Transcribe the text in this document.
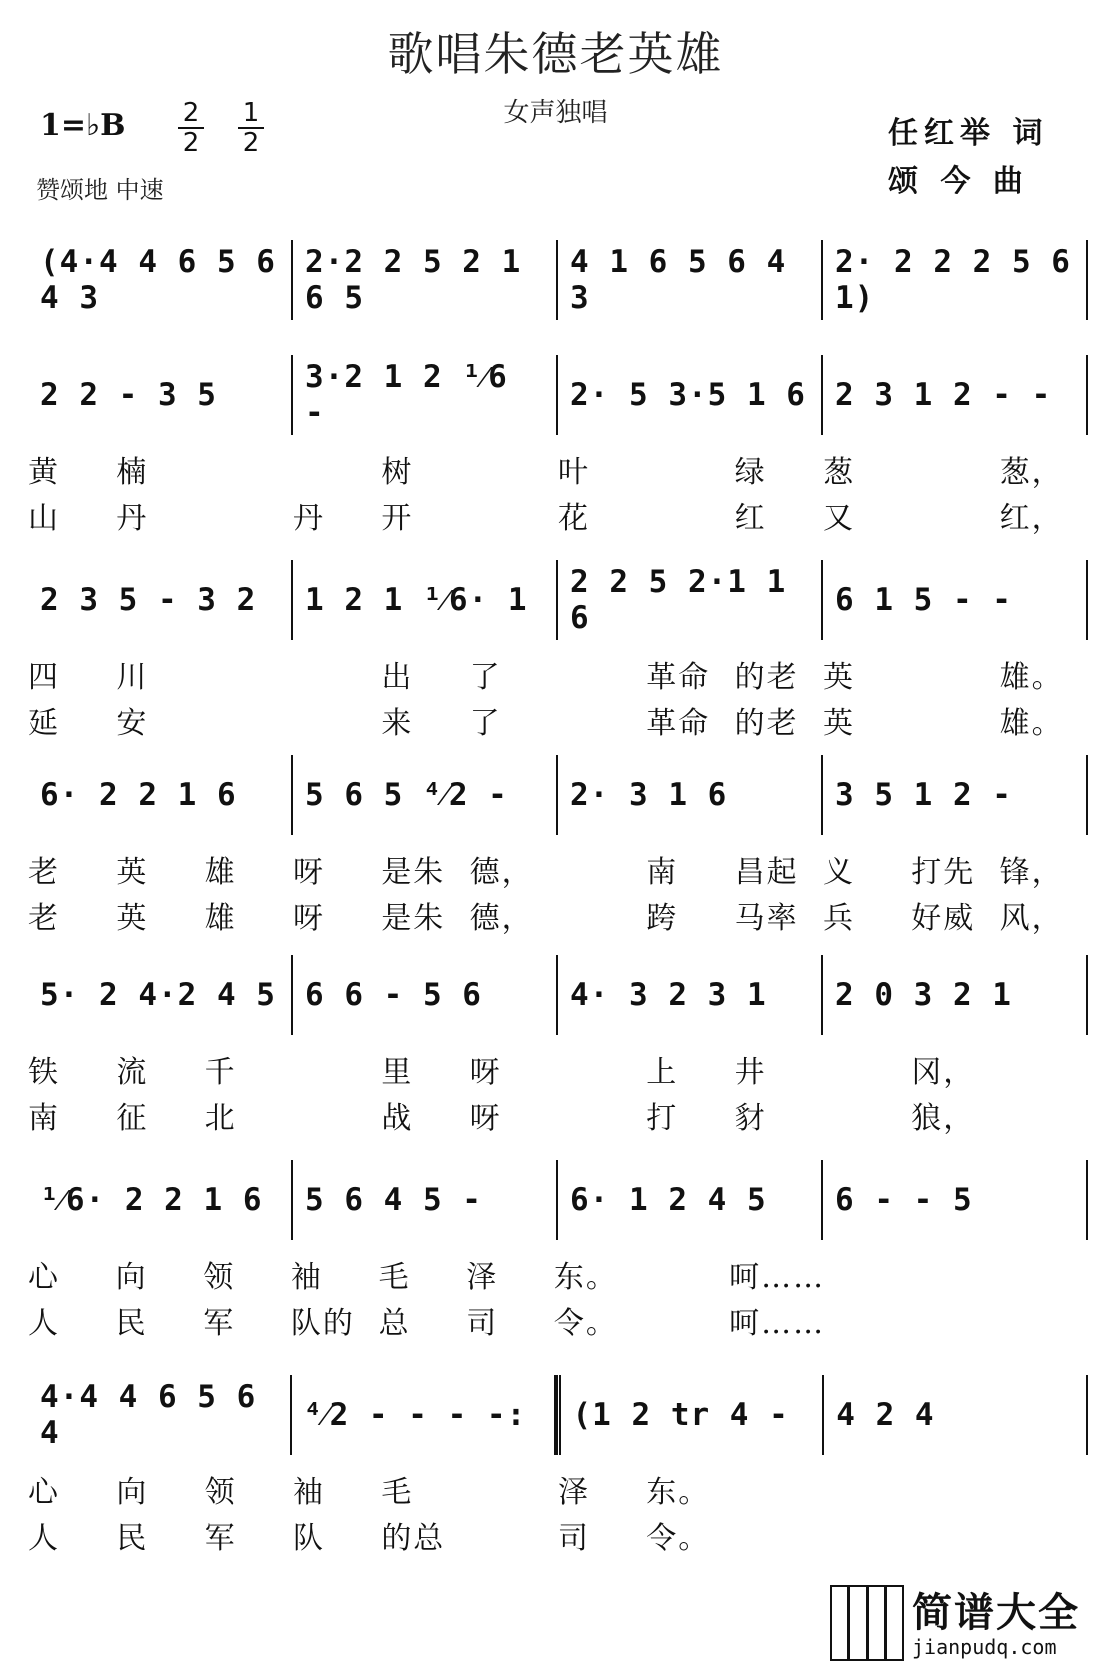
歌唱朱德老英雄
女声独唱
1=♭B 2
2
1
2
赞颂地 中速
任红举 词
颂 今 曲
(4·4 4 6 5 6 4 3
2·2 2 5 2 1 6 5
4 1 6 5 6 4 3
2· 2 2 2 5 6 1)
2 2 - 3 5	3·2 1 2 ¹⁄6 -	2· 5 3·5 1 6 2 3 1 2 - -
黄	楠	树	叶	绿	葱	葱，
山	丹	丹	开	花	红	又	红，
2 3 5 - 3 2	1 2 1 ¹⁄6· 1	2 2 5 2·1 1 6	6 1 5 - -
四	川	出	了	革命 的老 英	雄。
延	安	来	了	革命 的老 英	雄。
6· 2 2 1 6	5 6 5 ⁴⁄2 -	2· 3 1 6	3 5 1 2 -
老	英	雄	呀	是朱 德，	南	昌起 义	打先 锋，
老	英	雄	呀	是朱 德，	跨	马率 兵	好威 风，
5· 2 4·2 4 5 6 6 - 5 6	4· 3 2 3 1	2 0 3 2 1
铁	流	千	里	呀	上	井	冈，
南	征	北	战	呀	打	豺	狼，
¹⁄6· 2 2 1 6	5 6 4 5 -	6· 1 2 4 5	6 - - 5
心	向	领	袖	毛	泽	东。	呵……
人	民	军	队的 总	司	令。	呵……
4·4 4 6 5 6 4	⁴⁄2 - - - -:	(1 2 tr 4 -	4 2 4
心	向	领	袖	毛	泽	东。
人	民	军	队	的总	司	令。
简谱大全
jianpudq.com
